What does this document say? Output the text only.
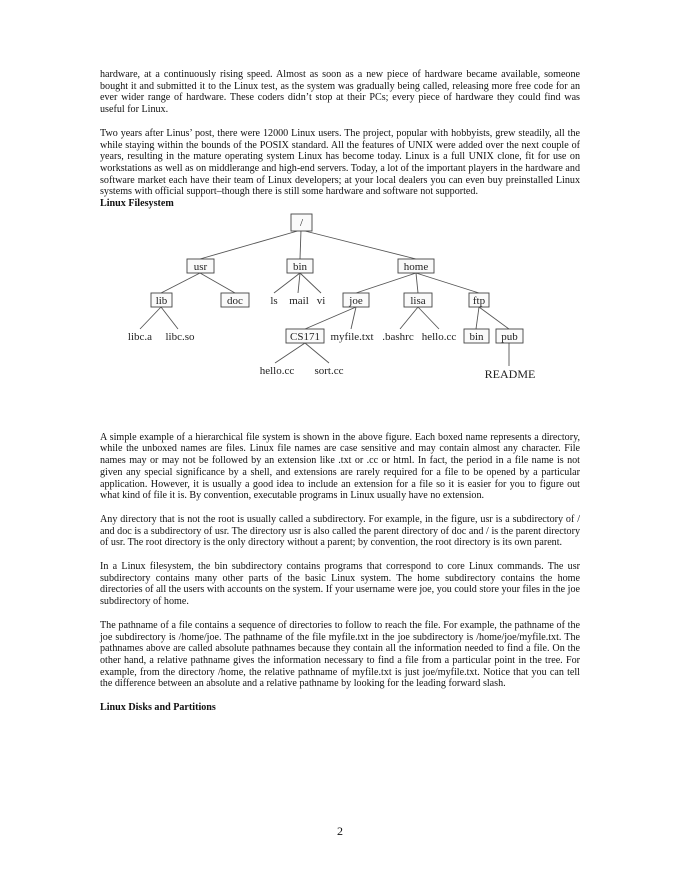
hardware, at a continuously rising speed. Almost as soon as a new piece of hardware became available, someone bought it and submitted it to the Linux test, as the system was gradually being called, releasing more free code for an ever wider range of hardware. These coders didn’t stop at their PCs; every piece of hardware they could find was useful for Linux.

Two years after Linus’ post, there were 12000 Linux users. The project, popular with hobbyists, grew steadily, all the while staying within the bounds of the POSIX standard. All the features of UNIX were added over the next couple of years, resulting in the mature operating system Linux has become today. Linux is a full UNIX clone, fit for use on workstations as well as on middlerange and high-end servers. Today, a lot of the important players in the hardware and software market each have their team of Linux developers; at your local dealers you can even buy preinstalled Linux systems with official support–though there is still some hardware and software not supported.

Linux Filesystem

/
usr	bin	home
lib	doc	joe	lisa	ftp
CS171	bin pub
libc.a libc.so
ls mail vi
myfile.txt .bashrc hello.cc
hello.cc sort.cc	README

A simple example of a hierarchical file system is shown in the above figure. Each boxed name represents a directory, while the unboxed names are files. Linux file names are case sensitive and may contain almost any character. File names may or may not be followed by an extension like .txt or .cc or html. In fact, the period in a file name is not given any special significance by a shell, and extensions are rarely required for a file to be opened by a particular application. However, it is usually a good idea to include an extension for a file so it is easier for you to figure out what kind of file it is. By convention, executable programs in Linux usually have no extension.

Any directory that is not the root is usually called a subdirectory. For example, in the figure, usr is a subdirectory of / and doc is a subdirectory of usr. The directory usr is also called the parent directory of doc and / is the parent directory of usr. The root directory is the only directory without a parent; by convention, the root directory is its own parent.

In a Linux filesystem, the bin subdirectory contains programs that correspond to core Linux commands. The usr subdirectory contains many other parts of the basic Linux system. The home subdirectory contains the home directories of all the users with accounts on the system. If your username were joe, you could store your files in the joe subdirectory of home.

The pathname of a file contains a sequence of directories to follow to reach the file. For example, the pathname of the joe subdirectory is /home/joe. The pathname of the file myfile.txt in the joe subdirectory is /home/joe/myfile.txt. The pathnames above are called absolute pathnames because they contain all the information needed to find a file. On the other hand, a relative pathname gives the information necessary to find a file from a particular point in the tree. For example, from the directory /home, the relative pathname of myfile.txt is just joe/myfile.txt. Notice that you can tell the difference between an absolute and a relative pathname by looking for the leading forward slash.

Linux Disks and Partitions

2
